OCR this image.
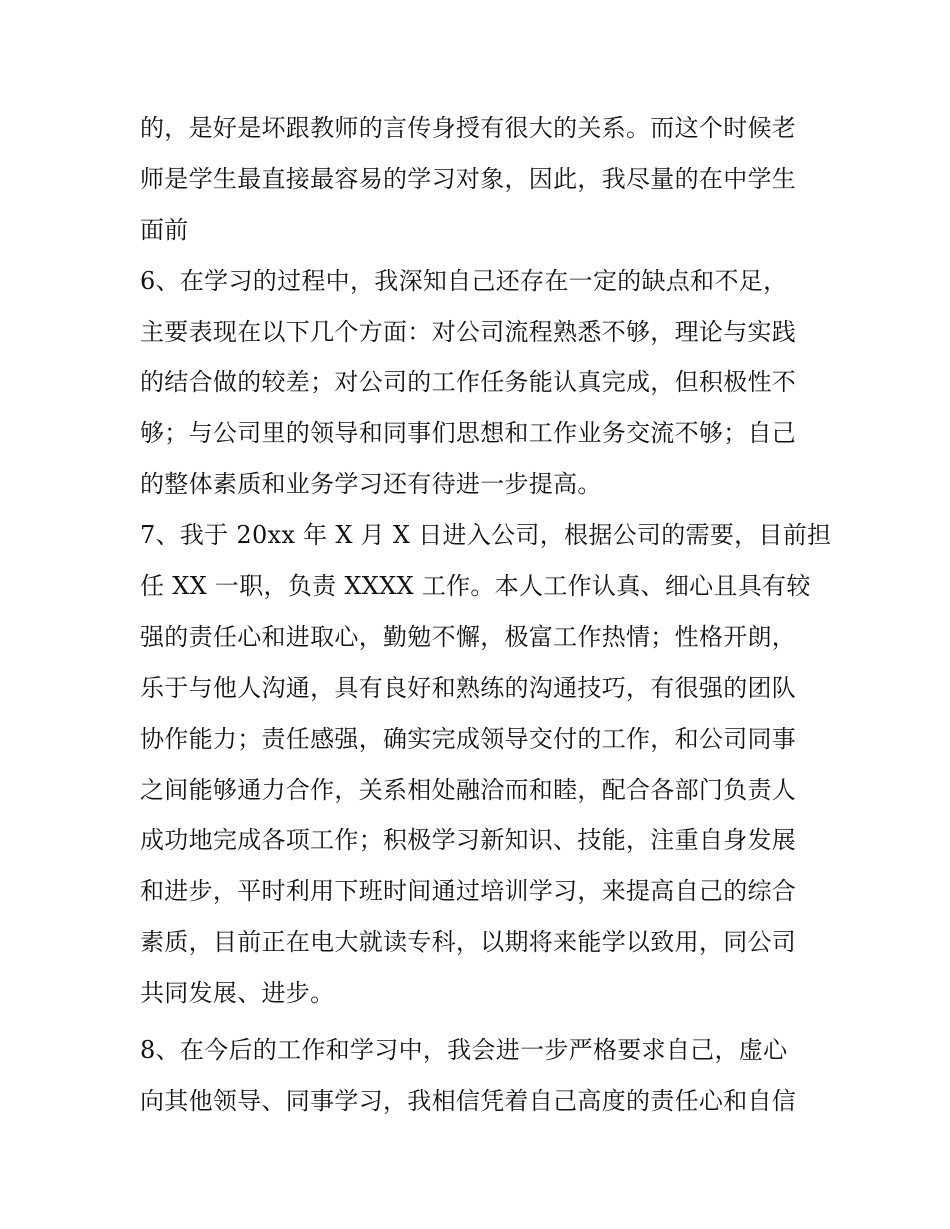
的，是好是坏跟教师的言传身授有很大的关系。而这个时候老
师是学生最直接最容易的学习对象，因此，我尽量的在中学生
面前
6、在学习的过程中，我深知自己还存在一定的缺点和不足，
主要表现在以下几个方面：对公司流程熟悉不够，理论与实践
的结合做的较差；对公司的工作任务能认真完成，但积极性不
够；与公司里的领导和同事们思想和工作业务交流不够；自己
的整体素质和业务学习还有待进一步提高。
7、我于 20xx 年 X 月 X 日进入公司，根据公司的需要，目前担
任 XX 一职，负责 XXXX 工作。本人工作认真、细心且具有较
强的责任心和进取心，勤勉不懈，极富工作热情；性格开朗，
乐于与他人沟通，具有良好和熟练的沟通技巧，有很强的团队
协作能力；责任感强，确实完成领导交付的工作，和公司同事
之间能够通力合作，关系相处融洽而和睦，配合各部门负责人
成功地完成各项工作；积极学习新知识、技能，注重自身发展
和进步，平时利用下班时间通过培训学习，来提高自己的综合
素质，目前正在电大就读专科，以期将来能学以致用，同公司
共同发展、进步。
8、在今后的工作和学习中，我会进一步严格要求自己，虚心
向其他领导、同事学习，我相信凭着自己高度的责任心和自信
